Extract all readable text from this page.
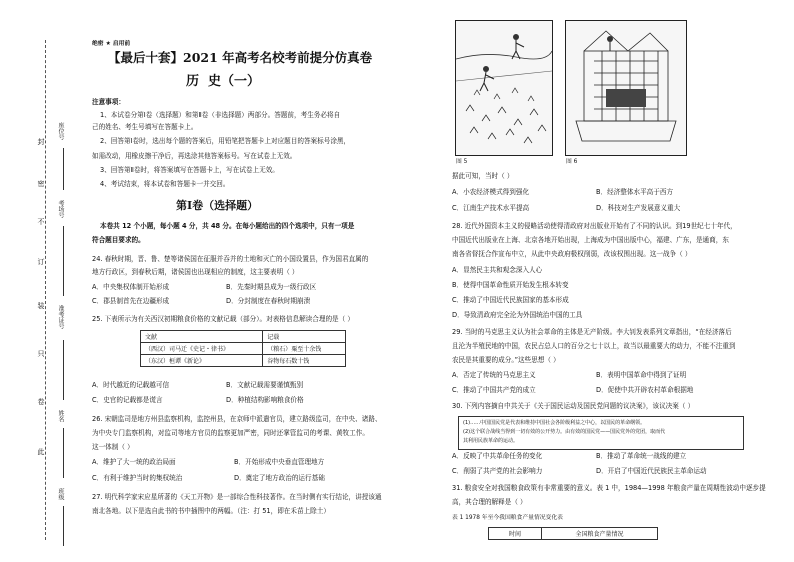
封
密
不
订
装
只
卷
此
座位号
考场号
准考证号
姓名
班级
绝密 ★ 启用前
【最后十套】2021 年高考名校考前提分仿真卷
历  史（一）
注意事项：
1、本试卷分第Ⅰ卷（选择题）和第Ⅱ卷（非选择题）两部分。答题前，考生务必将自
己的姓名、考生号填写在答题卡上。
2、回答第Ⅰ卷时，选出每个题的答案后，用铅笔把答题卡上对应题目的答案标号涂黑，
如需改动，用橡皮擦干净后，再选涂其他答案标号。写在试卷上无效。
3、回答第Ⅱ卷时，将答案填写在答题卡上，写在试卷上无效。
4、考试结束，将本试卷和答题卡一并交回。
第Ⅰ卷（选择题）
本卷共 12 个小题，每小题 4 分，共 48 分。在每小题给出的四个选项中，只有一项是
符合题目要求的。
24. 春秋时期，晋、鲁、楚等诸侯国在征服并吞并的土地和灭亡的小国设置县，作为国君直属的
地方行政区，到春秋后期，诸侯国也出现相应的制度，这主要表明（ ）
A．中央集权体制开始形成	B．先秦时期县成为一级行政区
C．郡县制首先在边疆形成	D．分封制度在春秋时期崩溃
25. 下表所示为有关西汉初期粮食价格的文献记载（部分）。对表格信息解读合理的是（ ）
文献	记载
（西汉）司马迁《史记・律书》	（粮石）粟至十余钱
（东汉）桓谭《新论》	谷物每石数十钱
A．时代越近的记载越可信	B．文献记载需要谨慎甄别
C．史官的记载都是谎言	D．种植结构影响粮食价格
26. 宋朝监司是地方州县监察机构，监控州县，在京师中派遣官员，建立路级监司，在中央、诸路、
为中央专门监察机构，对监司等地方官员的监察更加严密，同时还掌管监司的考课、黄牧工作。
这一体制（ ）
A．维护了大一统的政治局面	B．开始形成中央垂直管理地方
C．有利于维护当时的集权统治	D．奠定了地方政治的运行基础
27. 明代科学家宋应星所著的《天工开物》是一部综合性科技著作。在当时侧有实行结论，讲授该通
南北各地。以下是选自此书的书中插图中的两幅。（注：打 51，即在禾苗上除土）
图 5	图 6
据此可知，当时（ ）
A．小农经济模式得到强化	B．经济整体水平高于西方
C．江南生产技术水平提高	D．科技对生产发展意义重大
28. 近代外国资本主义的侵略活动使得清政府对出版业开始有了不同的认识。到19世纪七十年代，
中国近代出版业在上海、北京各地开始出现，上海成为中国出版中心，福建、广东，是通商，东
南各省督抚合作宣布中立，从此中央政府极权削弱，改该权围出现。这一战争（ ）
A．显然民主共和观念深入人心
B．使得中国革命性质开始发生根本转变
C．推动了中国近代民族国家的基本形成
D．导致清政府完全沦为外国统治中国的工具
29. 当时的马克思主义认为社会革命的主体是无产阶级。李大钊发表系列文章指出，“在经济落后
且沦为半殖民地的中国，农民占总人口的百分之七十以上，故当以最重要大的动力，不能不注重到
农民是其重要的成分。”这些思想（ ）
A．否定了传统的马克思主义	B．表明中国革命中得到了证明
C．推动了中国共产党的成立	D．促使中共开辟农村革命根据地
30. 下列内容摘自中共关于《关于国民运动及国民党问题的议决案》，该议决案（ ）
(1)……中国国民党是代表和维持中国社会各阶级利益之中心，以国民的革命纲领。
(2)这个联合战线当得到一切有效的公开势力。由有效的国民党——国民党外的党团，取而代
其利用民族革命的运动。
A．反映了中共革命任务的变化	B．推动了革命统一战线的建立
C．削弱了共产党的社会影响力	D．开启了中国近代民族民主革命运动
31. 粮食安全对我国粮食政策有非常重要的意义。表 1 中，1984—1998 年粮食产量在周期性波动中逐步提
高，其合理的解释是（ ）
表 1 1978 年至今我国粮食产量情况变化表
时间	全国粮食产量情况
